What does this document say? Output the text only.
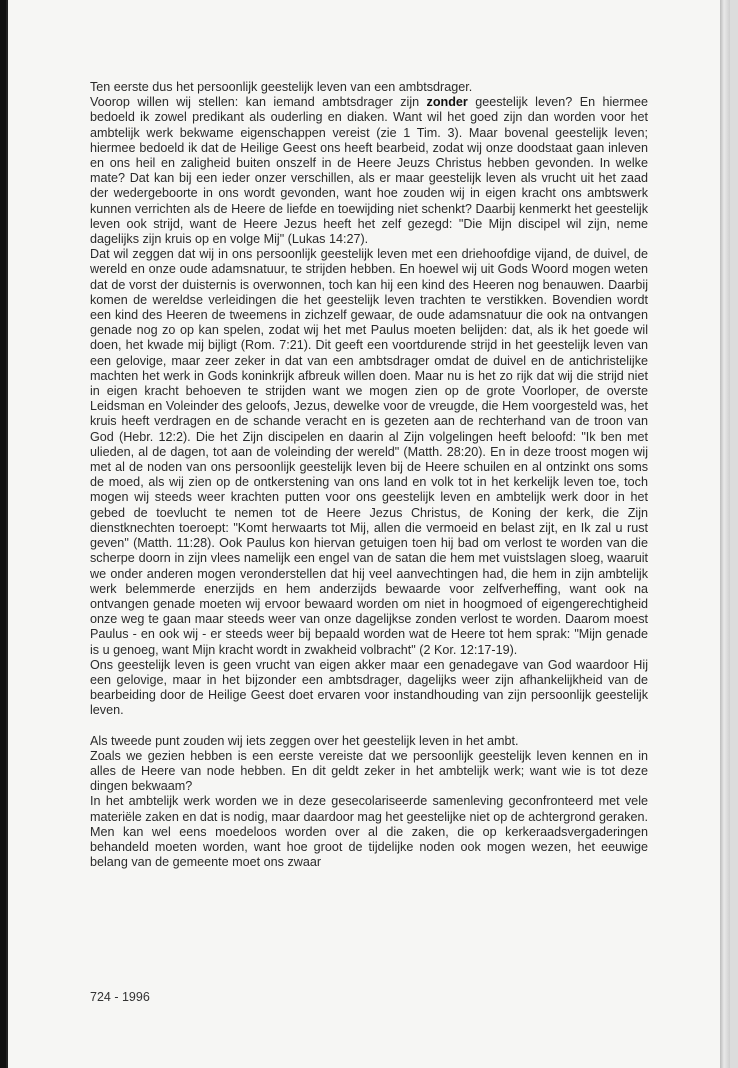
Ten eerste dus het persoonlijk geestelijk leven van een ambtsdrager.

Voorop willen wij stellen: kan iemand ambtsdrager zijn zonder geestelijk leven? En hiermee bedoeld ik zowel predikant als ouderling en diaken. Want wil het goed zijn dan worden voor het ambtelijk werk bekwame eigenschappen vereist (zie 1 Tim. 3). Maar bovenal geestelijk leven; hiermee bedoeld ik dat de Heilige Geest ons heeft bearbeid, zodat wij onze doodstaat gaan inleven en ons heil en zaligheid buiten onszelf in de Heere Jeuzs Christus hebben gevonden. In welke mate? Dat kan bij een ieder onzer verschillen, als er maar geestelijk leven als vrucht uit het zaad der wedergeboorte in ons wordt gevonden, want hoe zouden wij in eigen kracht ons ambtswerk kunnen verrichten als de Heere de liefde en toewijding niet schenkt? Daarbij kenmerkt het geestelijk leven ook strijd, want de Heere Jezus heeft het zelf gezegd: "Die Mijn discipel wil zijn, neme dagelijks zijn kruis op en volge Mij" (Lukas 14:27).

Dat wil zeggen dat wij in ons persoonlijk geestelijk leven met een driehoofdige vijand, de duivel, de wereld en onze oude adamsnatuur, te strijden hebben. En hoewel wij uit Gods Woord mogen weten dat de vorst der duisternis is overwonnen, toch kan hij een kind des Heeren nog benauwen. Daarbij komen de wereldse verleidingen die het geestelijk leven trachten te verstikken. Bovendien wordt een kind des Heeren de tweemens in zichzelf gewaar, de oude adamsnatuur die ook na ontvangen genade nog zo op kan spelen, zodat wij het met Paulus moeten belijden: dat, als ik het goede wil doen, het kwade mij bijligt (Rom. 7:21). Dit geeft een voortdurende strijd in het geestelijk leven van een gelovige, maar zeer zeker in dat van een ambtsdrager omdat de duivel en de antichristelijke machten het werk in Gods koninkrijk afbreuk willen doen. Maar nu is het zo rijk dat wij die strijd niet in eigen kracht behoeven te strijden want we mogen zien op de grote Voorloper, de overste Leidsman en Voleinder des geloofs, Jezus, dewelke voor de vreugde, die Hem voorgesteld was, het kruis heeft verdragen en de schande veracht en is gezeten aan de rechterhand van de troon van God (Hebr. 12:2). Die het Zijn discipelen en daarin al Zijn volgelingen heeft beloofd: "Ik ben met ulieden, al de dagen, tot aan de voleinding der wereld" (Matth. 28:20). En in deze troost mogen wij met al de noden van ons persoonlijk geestelijk leven bij de Heere schuilen en al ontzinkt ons soms de moed, als wij zien op de ontkerstening van ons land en volk tot in het kerkelijk leven toe, toch mogen wij steeds weer krachten putten voor ons geestelijk leven en ambtelijk werk door in het gebed de toevlucht te nemen tot de Heere Jezus Christus, de Koning der kerk, die Zijn dienstknechten toeroept: "Komt herwaarts tot Mij, allen die vermoeid en belast zijt, en Ik zal u rust geven" (Matth. 11:28). Ook Paulus kon hiervan getuigen toen hij bad om verlost te worden van die scherpe doorn in zijn vlees namelijk een engel van de satan die hem met vuistslagen sloeg, waaruit we onder anderen mogen veronderstellen dat hij veel aanvechtingen had, die hem in zijn ambtelijk werk belemmerde enerzijds en hem anderzijds bewaarde voor zelfverheffing, want ook na ontvangen genade moeten wij ervoor bewaard worden om niet in hoogmoed of eigengerechtigheid onze weg te gaan maar steeds weer van onze dagelijkse zonden verlost te worden. Daarom moest Paulus - en ook wij - er steeds weer bij bepaald worden wat de Heere tot hem sprak: "Mijn genade is u genoeg, want Mijn kracht wordt in zwakheid volbracht" (2 Kor. 12:17-19).

Ons geestelijk leven is geen vrucht van eigen akker maar een genadegave van God waardoor Hij een gelovige, maar in het bijzonder een ambtsdrager, dagelijks weer zijn afhankelijkheid van de bearbeiding door de Heilige Geest doet ervaren voor instandhouding van zijn persoonlijk geestelijk leven.

Als tweede punt zouden wij iets zeggen over het geestelijk leven in het ambt.

Zoals we gezien hebben is een eerste vereiste dat we persoonlijk geestelijk leven kennen en in alles de Heere van node hebben. En dit geldt zeker in het ambtelijk werk; want wie is tot deze dingen bekwaam?

In het ambtelijk werk worden we in deze gesecolariseerde samenleving geconfronteerd met vele materiële zaken en dat is nodig, maar daardoor mag het geestelijke niet op de achtergrond geraken. Men kan wel eens moedeloos worden over al die zaken, die op kerkeraadsvergaderingen behandeld moeten worden, want hoe groot de tijdelijke noden ook mogen wezen, het eeuwige belang van de gemeente moet ons zwaar

724 - 1996
